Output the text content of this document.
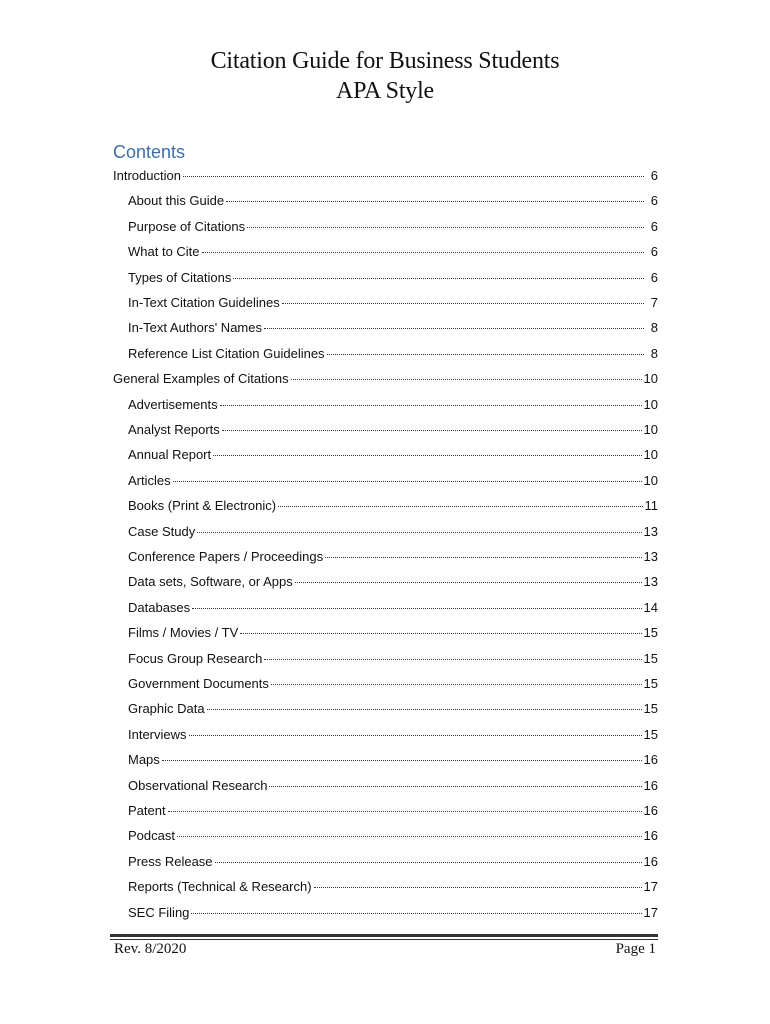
Citation Guide for Business Students
APA Style
Contents
Introduction	6
About this Guide	6
Purpose of Citations	6
What to Cite	6
Types of Citations	6
In-Text Citation Guidelines	7
In-Text Authors' Names	8
Reference List Citation Guidelines	8
General Examples of Citations	10
Advertisements	10
Analyst Reports	10
Annual Report	10
Articles	10
Books (Print & Electronic)	11
Case Study	13
Conference Papers / Proceedings	13
Data sets, Software, or Apps	13
Databases	14
Films / Movies / TV	15
Focus Group Research	15
Government Documents	15
Graphic Data	15
Interviews	15
Maps	16
Observational Research	16
Patent	16
Podcast	16
Press Release	16
Reports (Technical & Research)	17
SEC Filing	17
Rev. 8/2020	Page 1
